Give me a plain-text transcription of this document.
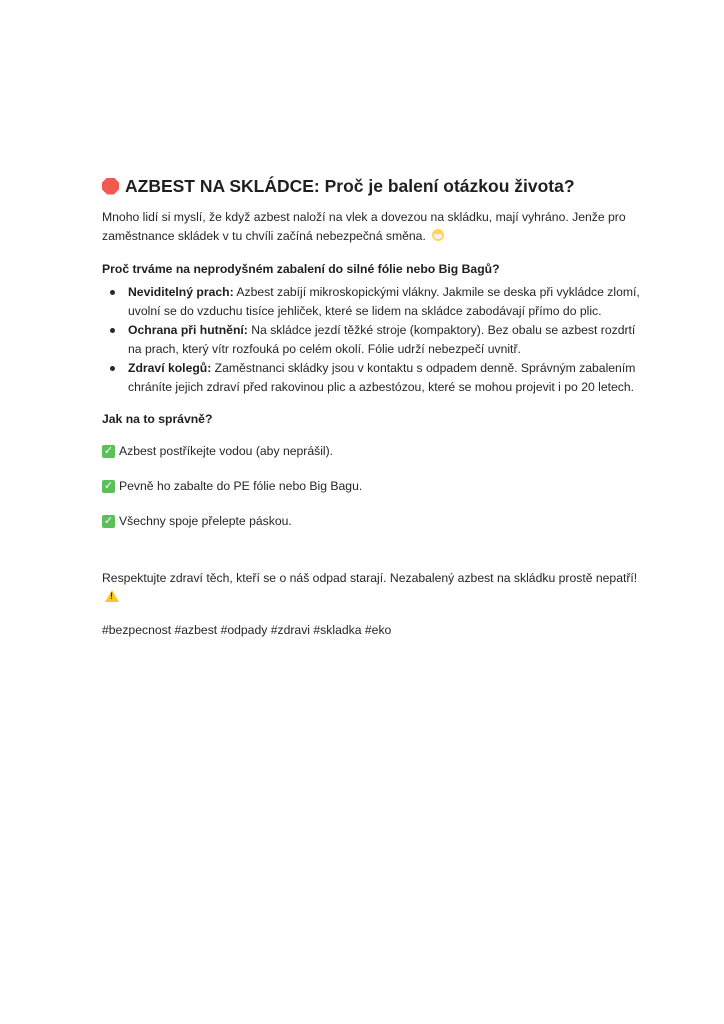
AZBEST NA SKLÁDCE: Proč je balení otázkou života?

Mnoho lidí si myslí, že když azbest naloží na vlek a dovezou na skládku, mají vyhráno. Jenže pro zaměstnance skládek v tu chvíli začíná nebezpečná směna.

Proč trváme na neprodyšném zabalení do silné fólie nebo Big Bagů?

Neviditelný prach: Azbest zabíjí mikroskopickými vlákny. Jakmile se deska při vykládce zlomí, uvolní se do vzduchu tisíce jehliček, které se lidem na skládce zabodávají přímo do plic.
Ochrana při hutnění: Na skládce jezdí těžké stroje (kompaktory). Bez obalu se azbest rozdrtí na prach, který vítr rozfouká po celém okolí. Fólie udrží nebezpečí uvnitř.
Zdraví kolegů: Zaměstnanci skládky jsou v kontaktu s odpadem denně. Správným zabalením chráníte jejich zdraví před rakovinou plic a azbestózou, které se mohou projevit i po 20 letech.

Jak na to správně?

✓ Azbest postříkejte vodou (aby neprášil).
✓ Pevně ho zabalte do PE fólie nebo Big Bagu.
✓ Všechny spoje přelepte páskou.

Respektujte zdraví těch, kteří se o náš odpad starají. Nezabalený azbest na skládku prostě nepatří! !

#bezpecnost #azbest #odpady #zdravi #skladka #eko
